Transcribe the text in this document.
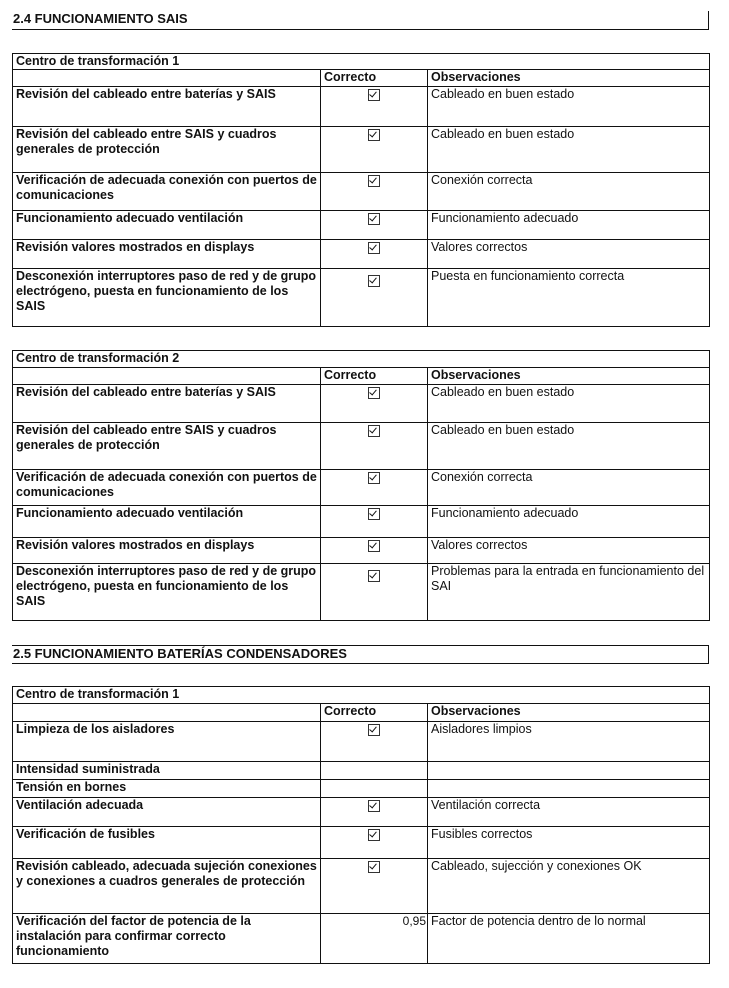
2.4 FUNCIONAMIENTO SAIS
Centro de transformación 1		
	Correcto	Observaciones
Revisión del cableado entre baterías y SAIS		Cableado en buen estado
Revisión del cableado entre SAIS y cuadros generales de protección		Cableado en buen estado
Verificación de adecuada conexión con puertos de comunicaciones		Conexión correcta
Funcionamiento adecuado ventilación		Funcionamiento adecuado
Revisión valores mostrados en displays		Valores correctos
Desconexión interruptores paso de red y de grupo electrógeno, puesta en funcionamiento de los SAIS		Puesta en funcionamiento correcta
Centro de transformación 2		
	Correcto	Observaciones
Revisión del cableado entre baterías y SAIS		Cableado en buen estado
Revisión del cableado entre SAIS y cuadros generales de protección		Cableado en buen estado
Verificación de adecuada conexión con puertos de comunicaciones		Conexión correcta
Funcionamiento adecuado ventilación		Funcionamiento adecuado
Revisión valores mostrados en displays		Valores correctos
Desconexión interruptores paso de red y de grupo electrógeno, puesta en funcionamiento de los SAIS		Problemas para la entrada en funcionamiento del SAI
2.5 FUNCIONAMIENTO BATERÍAS CONDENSADORES
Centro de transformación 1		
	Correcto	Observaciones
Limpieza de los aisladores		Aisladores limpios
Intensidad suministrada		
Tensión en bornes		
Ventilación adecuada		Ventilación correcta
Verificación de fusibles		Fusibles correctos
Revisión cableado, adecuada sujeción conexiones y conexiones a cuadros generales de protección		Cableado, sujección y conexiones OK
Verificación del factor de potencia de la instalación para confirmar correcto funcionamiento	0,95	Factor de potencia dentro de lo normal
